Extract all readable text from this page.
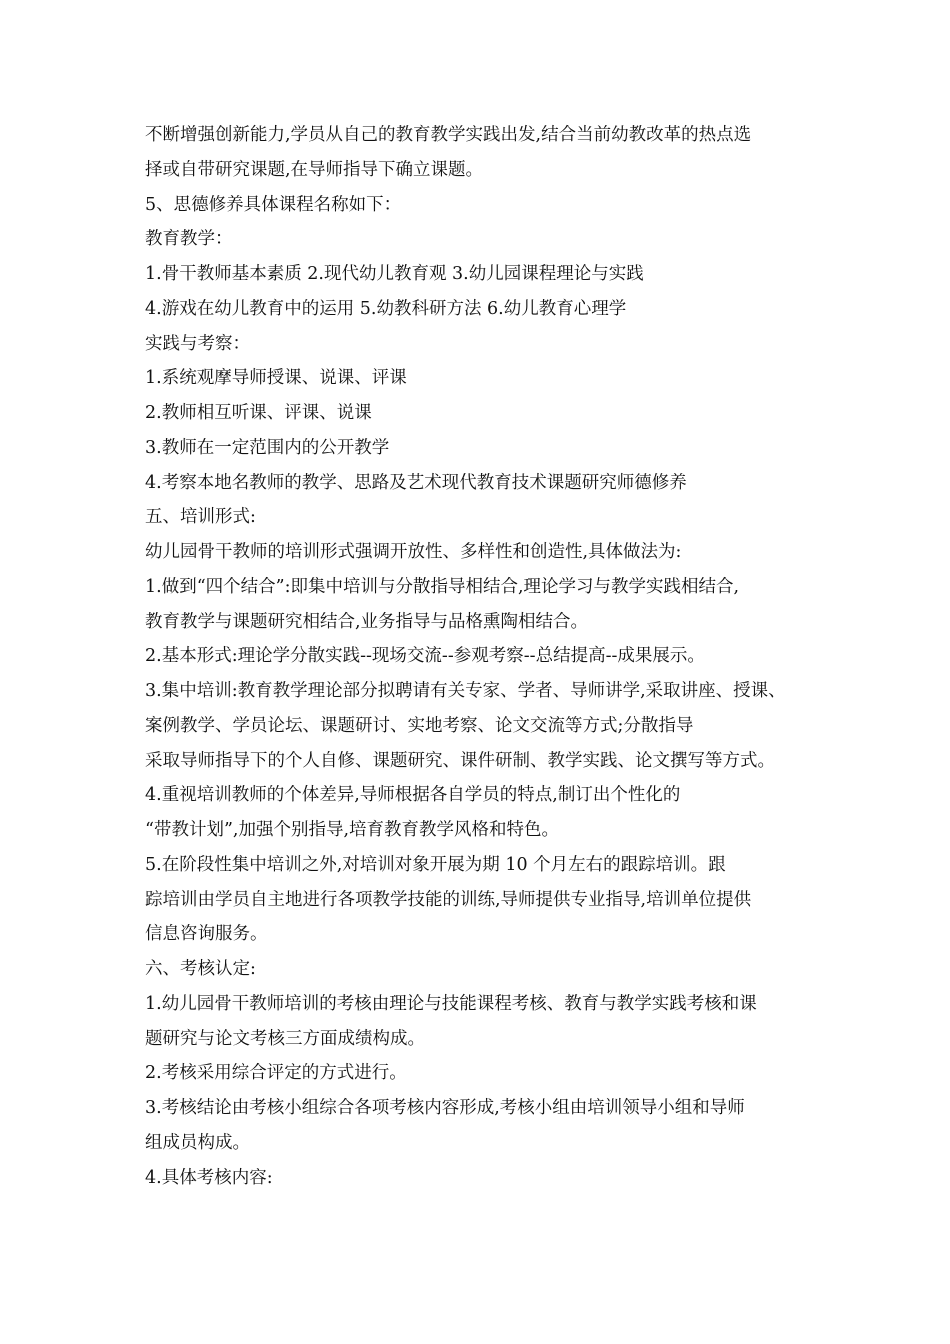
不断增强创新能力,学员从自己的教育教学实践出发,结合当前幼教改革的热点选
择或自带研究课题,在导师指导下确立课题。
5、思德修养具体课程名称如下：
教育教学：
1.骨干教师基本素质 2.现代幼儿教育观 3.幼儿园课程理论与实践
4.游戏在幼儿教育中的运用 5.幼教科研方法 6.幼儿教育心理学
实践与考察：
1.系统观摩导师授课、说课、评课
2.教师相互听课、评课、说课
3.教师在一定范围内的公开教学
4.考察本地名教师的教学、思路及艺术现代教育技术课题研究师德修养
五、培训形式:
幼儿园骨干教师的培训形式强调开放性、多样性和创造性,具体做法为:
1.做到“四个结合”:即集中培训与分散指导相结合,理论学习与教学实践相结合,
教育教学与课题研究相结合,业务指导与品格熏陶相结合。
2.基本形式:理论学分散实践--现场交流--参观考察--总结提高--成果展示。
3.集中培训:教育教学理论部分拟聘请有关专家、学者、导师讲学,采取讲座、授课、
案例教学、学员论坛、课题研讨、实地考察、论文交流等方式;分散指导
采取导师指导下的个人自修、课题研究、课件研制、教学实践、论文撰写等方式。
4.重视培训教师的个体差异,导师根据各自学员的特点,制订出个性化的
“带教计划”,加强个别指导,培育教育教学风格和特色。
5.在阶段性集中培训之外,对培训对象开展为期 10 个月左右的跟踪培训。跟
踪培训由学员自主地进行各项教学技能的训练,导师提供专业指导,培训单位提供
信息咨询服务。
六、考核认定:
1.幼儿园骨干教师培训的考核由理论与技能课程考核、教育与教学实践考核和课
题研究与论文考核三方面成绩构成。
2.考核采用综合评定的方式进行。
3.考核结论由考核小组综合各项考核内容形成,考核小组由培训领导小组和导师
组成员构成。
4.具体考核内容:
